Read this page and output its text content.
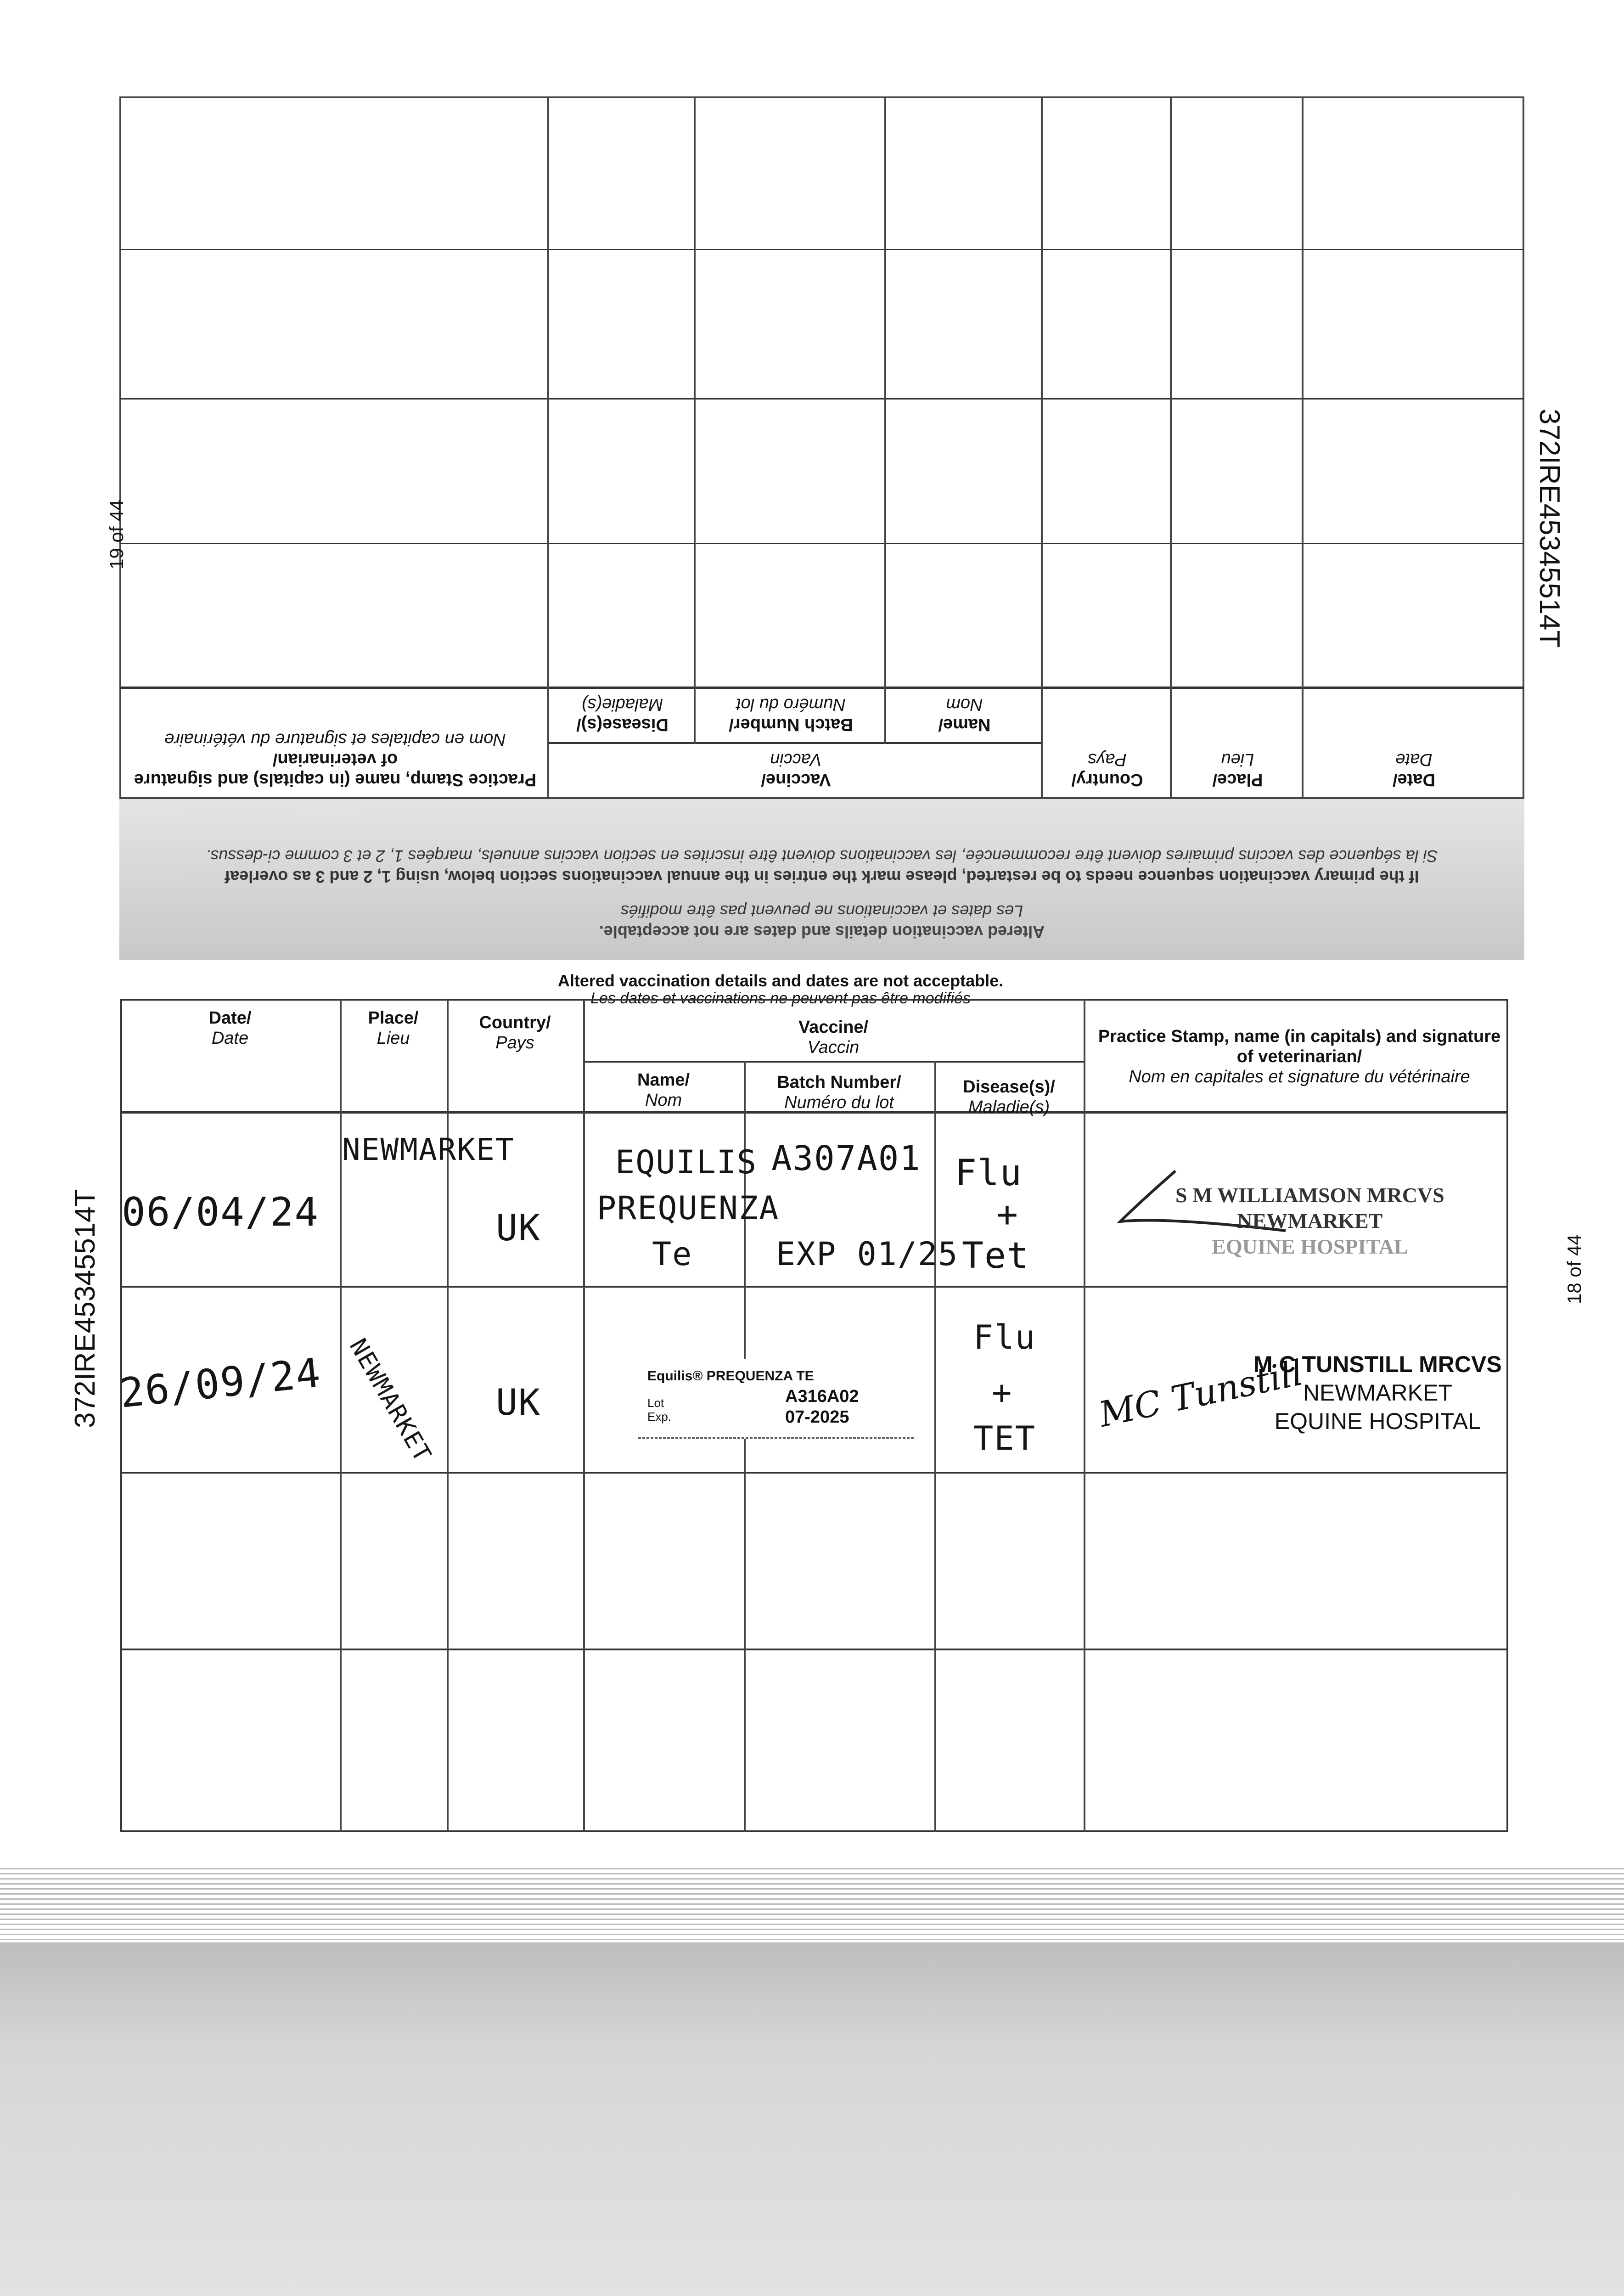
Altered vaccination details and dates are not acceptable.
Les dates et vaccinations ne peuvent pas être modifiés
If the primary vaccination sequence needs to be restarted, please mark the entries in the annual vaccinations section below, using 1, 2 and 3 as overleaf
Si la séquence des vaccins primaires doivent être recommencée, les vaccinations doivent être inscrites en section vaccins annuels, marqées 1, 2 et 3 comme ci-dessus.
Date/
Date
Place/
Lieu
Country/
Pays
Vaccine/
Vaccin
Name/
Nom
Batch Number/
Numéro du lot
Disease(s)/
Maladie(s)
Practice Stamp, name (in capitals) and signature of veterinarian/
Nom en capitales et signature du vétérinaire
372IRE45345514T
19 of 44
Altered vaccination details and dates are not acceptable.
Les dates et vaccinations ne peuvent pas être modifiés
Date/
Date
Place/
Lieu
Country/
Pays
Vaccine/
Vaccin
Name/
Nom
Batch Number/
Numéro du lot
Disease(s)/
Maladie(s)
Practice Stamp, name (in capitals) and signature of veterinarian/
Nom en capitales et signature du vétérinaire
06/04/24
NEWMARKET
UK
EQUILIS
PREQUENZA
Te
A307A01
EXP 01/25
Flu
+
Tet
S M WILLIAMSON MRCVS
NEWMARKET
EQUINE HOSPITAL
26/09/24 NEWMARKET UK
Equilis® PREQUENZA TE
Lot
Exp.
A316A02
07-2025
Flu
+
TET
MC Tunstill
M C TUNSTILL MRCVS
NEWMARKET
EQUINE HOSPITAL
372IRE45345514T	18 of 44
